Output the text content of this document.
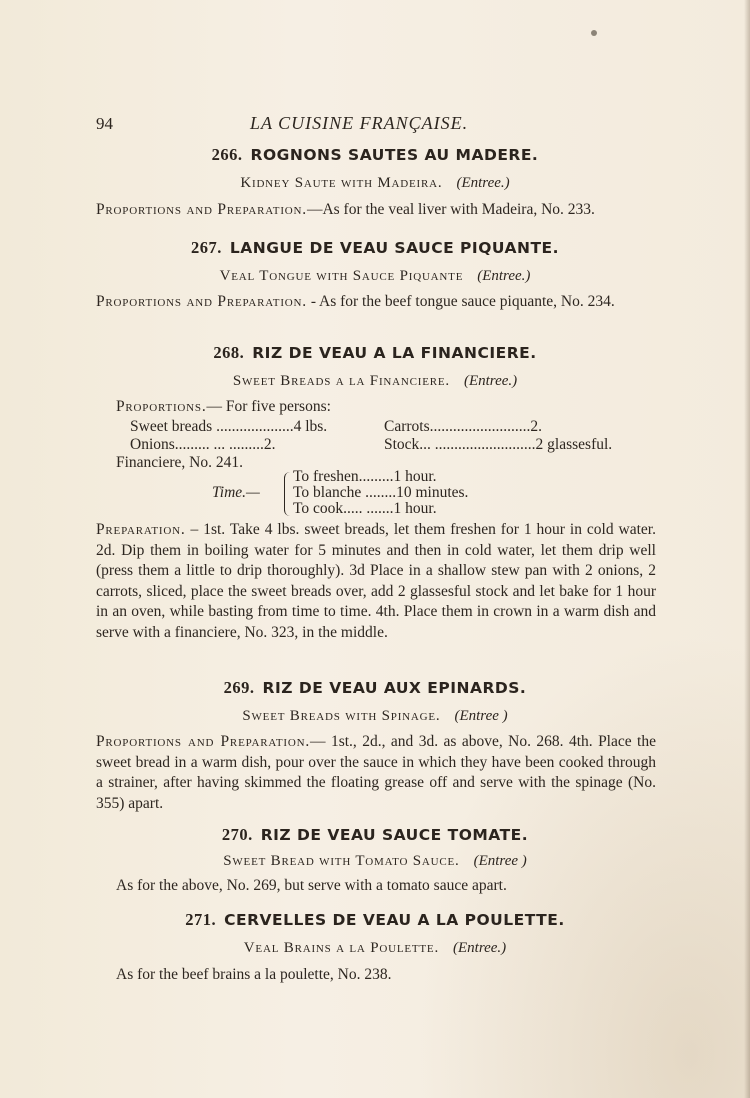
94	LA CUISINE FRANÇAISE.
266. ROGNONS SAUTES AU MADERE.
Kidney Saute with Madeira. (Entree.)
Proportions and Preparation.—As for the veal liver with Madeira, No. 233.
267. LANGUE DE VEAU SAUCE PIQUANTE.
Veal Tongue with Sauce Piquante (Entree.)
Proportions and Preparation. - As for the beef tongue sauce piquante, No. 234.
268. RIZ DE VEAU A LA FINANCIERE.
Sweet Breads a la Financiere. (Entree.)
Proportions.— For five persons:
Sweet breads ....................4 lbs.	Carrots..........................2.
Onions......... ... .........2.	Stock... ..........................2 glassesful.
Financiere, No. 241.
Time.—
To freshen.........1 hour.
To blanche ........10 minutes.
To cook..... .......1 hour.
Preparation. – 1st. Take 4 lbs. sweet breads, let them freshen for 1 hour in cold water. 2d. Dip them in boiling water for 5 minutes and then in cold water, let them drip well (press them a little to drip thoroughly). 3d Place in a shallow stew pan with 2 onions, 2 carrots, sliced, place the sweet breads over, add 2 glassesful stock and let bake for 1 hour in an oven, while basting from time to time. 4th. Place them in crown in a warm dish and serve with a financiere, No. 323, in the middle.
269. RIZ DE VEAU AUX EPINARDS.
Sweet Breads with Spinage. (Entree )
Proportions and Preparation.— 1st., 2d., and 3d. as above, No. 268. 4th. Place the sweet bread in a warm dish, pour over the sauce in which they have been cooked through a strainer, after having skimmed the floating grease off and serve with the spinage (No. 355) apart.
270. RIZ DE VEAU SAUCE TOMATE.
Sweet Bread with Tomato Sauce. (Entree )
As for the above, No. 269, but serve with a tomato sauce apart.
271. CERVELLES DE VEAU A LA POULETTE.
Veal Brains a la Poulette. (Entree.)
As for the beef brains a la poulette, No. 238.
